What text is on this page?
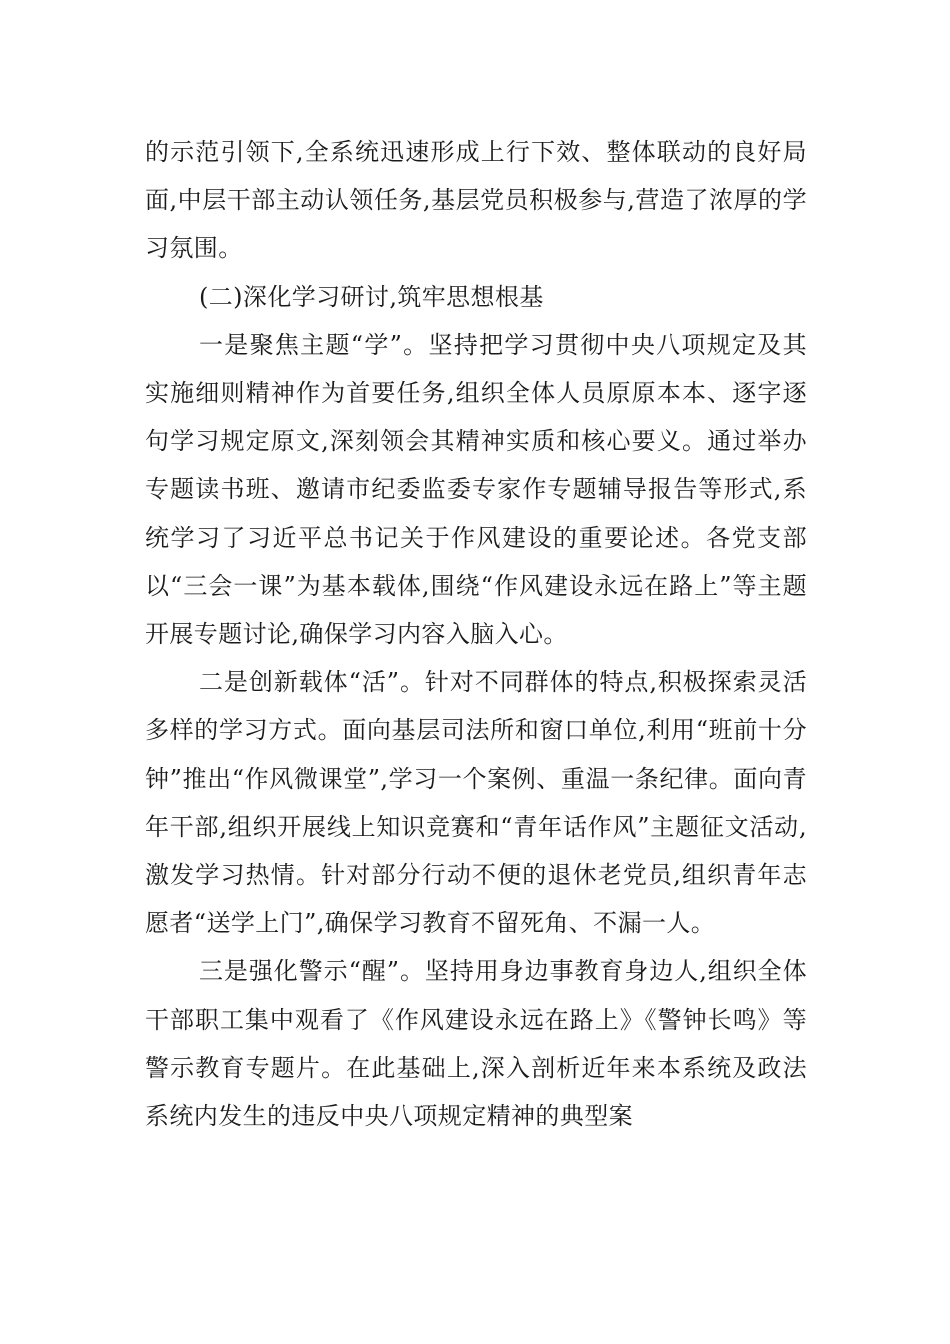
的示范引领下,全系统迅速形成上行下效、整体联动的良好局面,中层干部主动认领任务,基层党员积极参与,营造了浓厚的学习氛围。

(二)深化学习研讨,筑牢思想根基

一是聚焦主题“学”。坚持把学习贯彻中央八项规定及其实施细则精神作为首要任务,组织全体人员原原本本、逐字逐句学习规定原文,深刻领会其精神实质和核心要义。通过举办专题读书班、邀请市纪委监委专家作专题辅导报告等形式,系统学习了习近平总书记关于作风建设的重要论述。各党支部以“三会一课”为基本载体,围绕“作风建设永远在路上”等主题开展专题讨论,确保学习内容入脑入心。

二是创新载体“活”。针对不同群体的特点,积极探索灵活多样的学习方式。面向基层司法所和窗口单位,利用“班前十分钟”推出“作风微课堂”,学习一个案例、重温一条纪律。面向青年干部,组织开展线上知识竞赛和“青年话作风”主题征文活动,激发学习热情。针对部分行动不便的退休老党员,组织青年志愿者“送学上门”,确保学习教育不留死角、不漏一人。

三是强化警示“醒”。坚持用身边事教育身边人,组织全体干部职工集中观看了《作风建设永远在路上》《警钟长鸣》等警示教育专题片。在此基础上,深入剖析近年来本系统及政法系统内发生的违反中央八项规定精神的典型案
